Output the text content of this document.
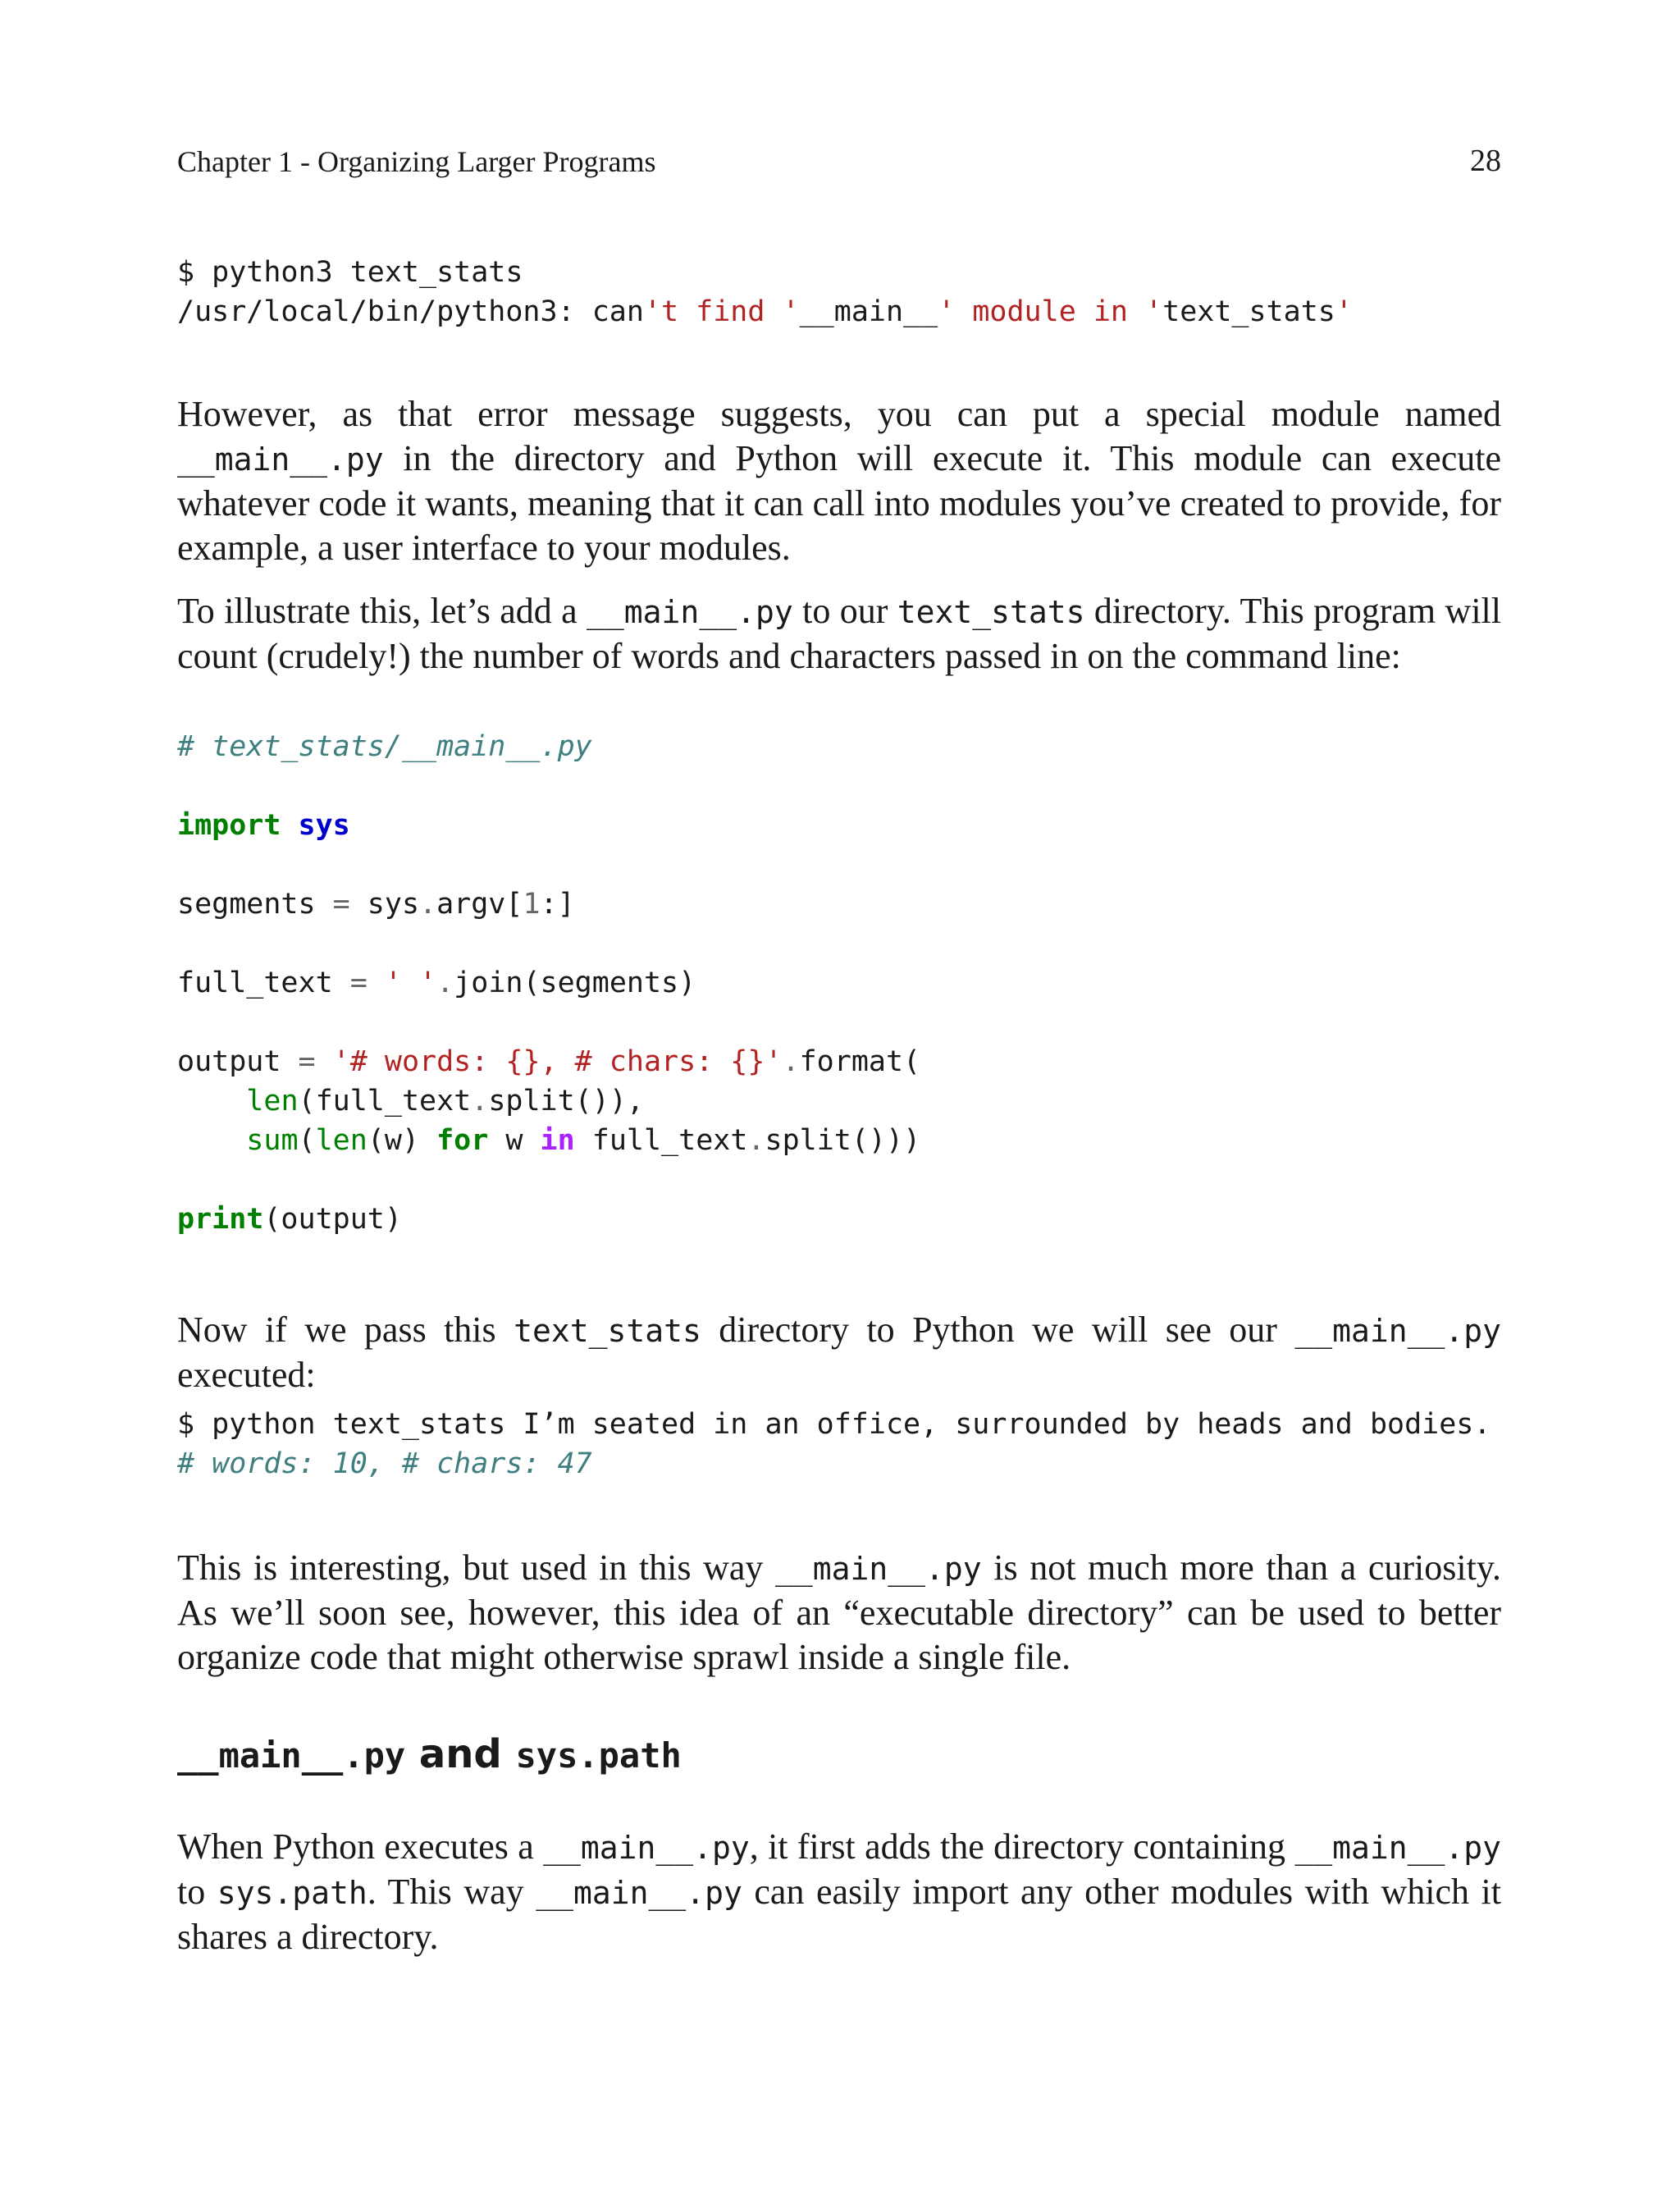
Chapter 1 - Organizing Larger Programs	28
$ python3 text_stats
/usr/local/bin/python3: can't find '__main__' module in 'text_stats'

However, as that error message suggests, you can put a special module named __main__.py in the directory and Python will execute it. This module can execute whatever code it wants, meaning that it can call into modules you’ve created to provide, for example, a user interface to your modules.

To illustrate this, let’s add a __main__.py to our text_stats directory. This program will count (crudely!) the number of words and characters passed in on the command line:

# text_stats/__main__.py

import sys

segments = sys.argv[1:]

full_text = ' '.join(segments)

output = '# words: {}, # chars: {}'.format(
len(full_text.split()),
sum(len(w) for w in full_text.split()))

print(output)

Now if we pass this text_stats directory to Python we will see our __main__.py executed:

$ python text_stats I’m seated in an office, surrounded by heads and bodies.
# words: 10, # chars: 47

This is interesting, but used in this way __main__.py is not much more than a curiosity. As we’ll soon see, however, this idea of an “executable directory” can be used to better organize code that might otherwise sprawl inside a single file.

__main__.py and sys.path

When Python executes a __main__.py, it first adds the directory containing __main__.py to sys.path. This way __main__.py can easily import any other modules with which it shares a directory.
